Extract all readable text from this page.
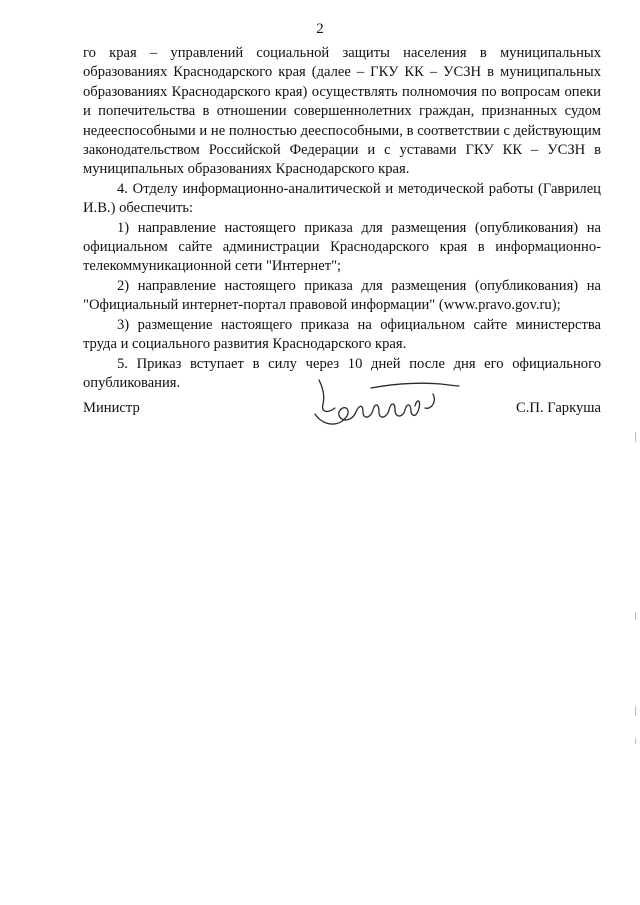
2

го края – управлений социальной защиты населения в муниципальных образованиях Краснодарского края (далее – ГКУ КК – УСЗН в муниципальных образованиях Краснодарского края) осуществлять полномочия по вопросам опеки и попечительства в отношении совершеннолетних граждан, признанных судом недееспособными и не полностью дееспособными, в соответствии с действующим законодательством Российской Федерации и с уставами ГКУ КК – УСЗН в муниципальных образованиях Краснодарского края.

4. Отделу информационно-аналитической и методической работы (Гаврилец И.В.) обеспечить:

1) направление настоящего приказа для размещения (опубликования) на официальном сайте администрации Краснодарского края в информационно-телекоммуникационной сети "Интернет";

2) направление настоящего приказа для размещения (опубликования) на "Официальный интернет-портал правовой информации" (www.pravo.gov.ru);

3) размещение настоящего приказа на официальном сайте министерства труда и социального развития Краснодарского края.

5. Приказ вступает в силу через 10 дней после дня его официального опубликования.

Министр	С.П. Гаркуша
